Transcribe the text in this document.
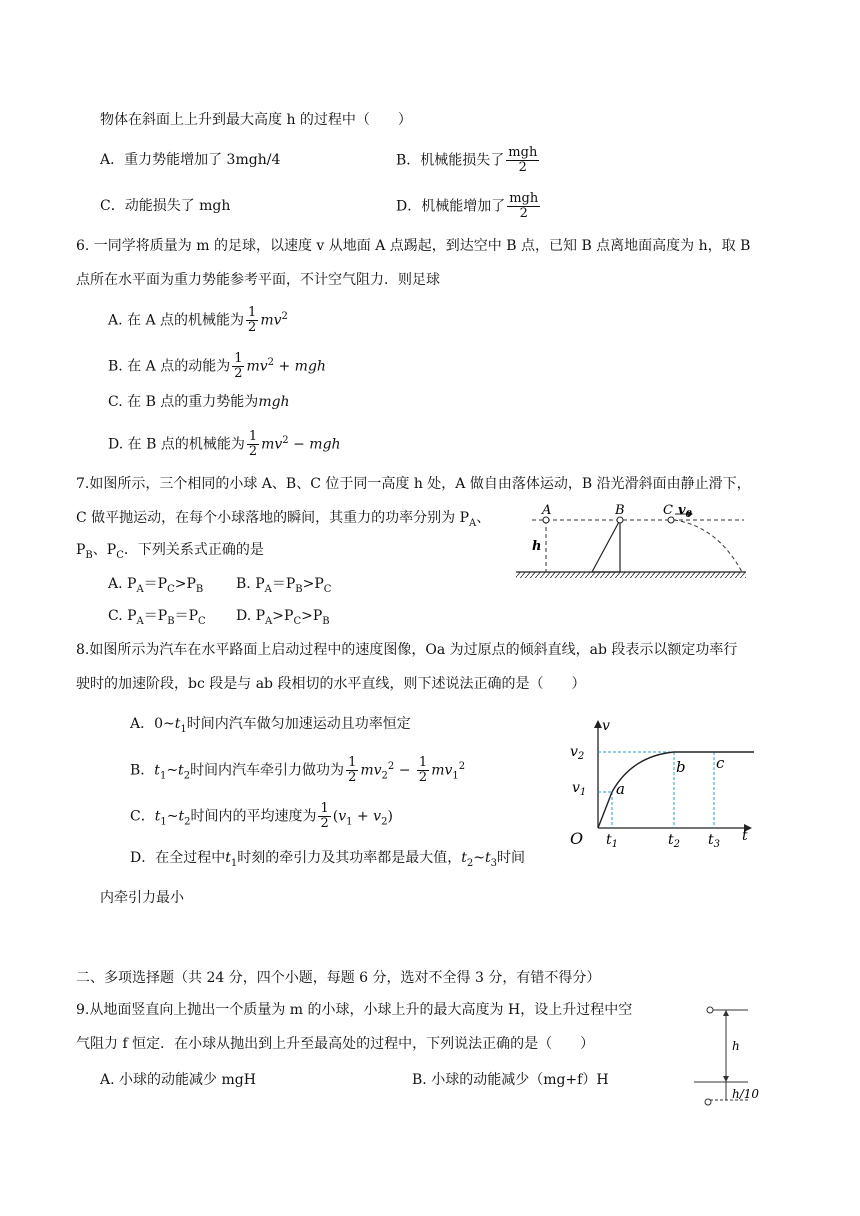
物体在斜面上上升到最大高度 h 的过程中（　　）
A．重力势能增加了 3mgh/4	B．机械能损失了 $\frac{\text{mgh}}{2}$
C．动能损失了 mgh	D．机械能增加了 $\frac{\text{mgh}}{2}$
6. 一同学将质量为 m 的足球，以速度 v 从地面 A 点踢起，到达空中 B 点，已知 B 点离地面高度为 h，取 B
点所在水平面为重力势能参考平面，不计空气阻力．则足球
A. 在 A 点的机械能为 $\frac{1}{2} mv^2$
B. 在 A 点的动能为 $\frac{1}{2} mv^2$ + mgh
C. 在 B 点的重力势能为mgh
D. 在 B 点的机械能为 $\frac{1}{2} mv^2$ − mgh
7.如图所示，三个相同的小球 A、B、C 位于同一高度 h 处，A 做自由落体运动，B 沿光滑斜面由静止滑下，
C 做平抛运动，在每个小球落地的瞬间，其重力的功率分别为 $P_A$、
$P_B$、$P_C$．下列关系式正确的是
A. $P_A=P_C>P_B$ B. $P_A=P_B>P_C$
C. $P_A=P_B=P_C$ D. $P_A>P_C>P_B$
A
h
B	C $v_0$
8.如图所示为汽车在水平路面上启动过程中的速度图像，Oa 为过原点的倾斜直线，ab 段表示以额定功率行
驶时的加速阶段，bc 段是与 ab 段相切的水平直线，则下述说法正确的是（　　）
A．$0\sim t_1$时间内汽车做匀加速运动且功率恒定
B．$t_1\sim t_2$时间内汽车牵引力做功为 $\frac{1}{2} mv_2^2 - \frac{1}{2} mv_1^2$
C．$t_1\sim t_2$时间内的平均速度为 $\frac{1}{2} (v_1 + v_2)$
D．在全过程中$t_1$时刻的牵引力及其功率都是最大值，$t_2\sim t_3$时间
内牵引力最小
v
t
O
$v_2$
$v_1$ a
b c
$t_1$	$t_2$ $t_3$
二、多项选择题（共 24 分，四个小题，每题 6 分，选对不全得 3 分，有错不得分）
9.从地面竖直向上抛出一个质量为 m 的小球，小球上升的最大高度为 H，设上升过程中空
气阻力 f 恒定．在小球从抛出到上升至最高处的过程中，下列说法正确的是（　　）
A. 小球的动能减少 mgH	B. 小球的动能减少（mg+f）H
h
h/10
